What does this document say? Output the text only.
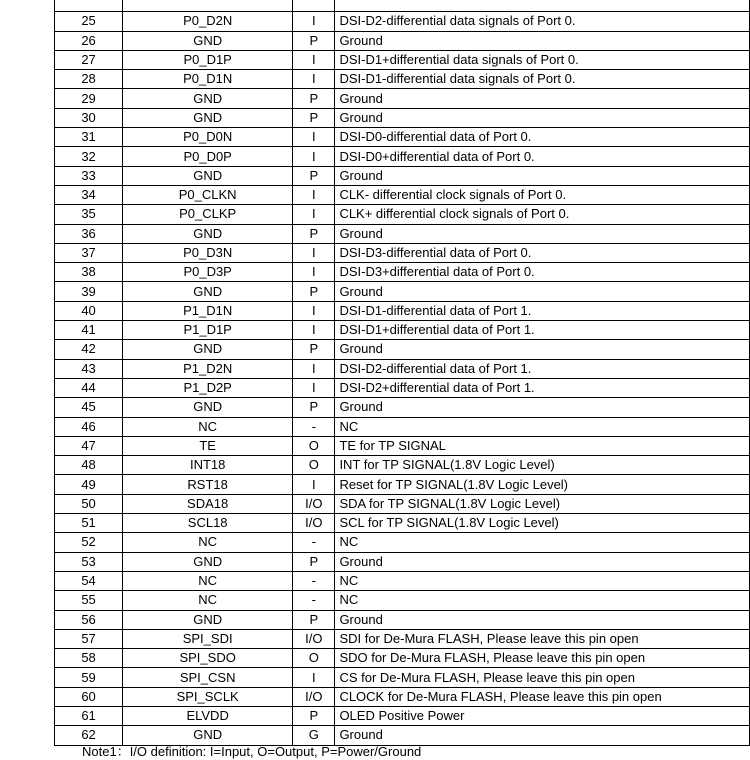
25	P0_D2N	I	DSI-D2-differential data signals of Port 0.
26	GND	P	Ground
27	P0_D1P	I	DSI-D1+differential data signals of Port 0.
28	P0_D1N	I	DSI-D1-differential data signals of Port 0.
29	GND	P	Ground
30	GND	P	Ground
31	P0_D0N	I	DSI-D0-differential data of Port 0.
32	P0_D0P	I	DSI-D0+differential data of Port 0.
33	GND	P	Ground
34	P0_CLKN	I	CLK- differential clock signals of Port 0.
35	P0_CLKP	I	CLK+ differential clock signals of Port 0.
36	GND	P	Ground
37	P0_D3N	I	DSI-D3-differential data of Port 0.
38	P0_D3P	I	DSI-D3+differential data of Port 0.
39	GND	P	Ground
40	P1_D1N	I	DSI-D1-differential data of Port 1.
41	P1_D1P	I	DSI-D1+differential data of Port 1.
42	GND	P	Ground
43	P1_D2N	I	DSI-D2-differential data of Port 1.
44	P1_D2P	I	DSI-D2+differential data of Port 1.
45	GND	P	Ground
46	NC	-	NC
47	TE	O	TE for TP SIGNAL
48	INT18	O	INT for TP SIGNAL(1.8V Logic Level)
49	RST18	I	Reset for TP SIGNAL(1.8V Logic Level)
50	SDA18	I/O	SDA for TP SIGNAL(1.8V Logic Level)
51	SCL18	I/O	SCL for TP SIGNAL(1.8V Logic Level)
52	NC	-	NC
53	GND	P	Ground
54	NC	-	NC
55	NC	-	NC
56	GND	P	Ground
57	SPI_SDI	I/O	SDI for De-Mura FLASH, Please leave this pin open
58	SPI_SDO	O	SDO for De-Mura FLASH, Please leave this pin open
59	SPI_CSN	I	CS for De-Mura FLASH, Please leave this pin open
60	SPI_SCLK	I/O	CLOCK for De-Mura FLASH, Please leave this pin open
61	ELVDD	P	OLED Positive Power
62	GND	G	Ground
Note1：I/O definition: I=Input, O=Output, P=Power/Ground
